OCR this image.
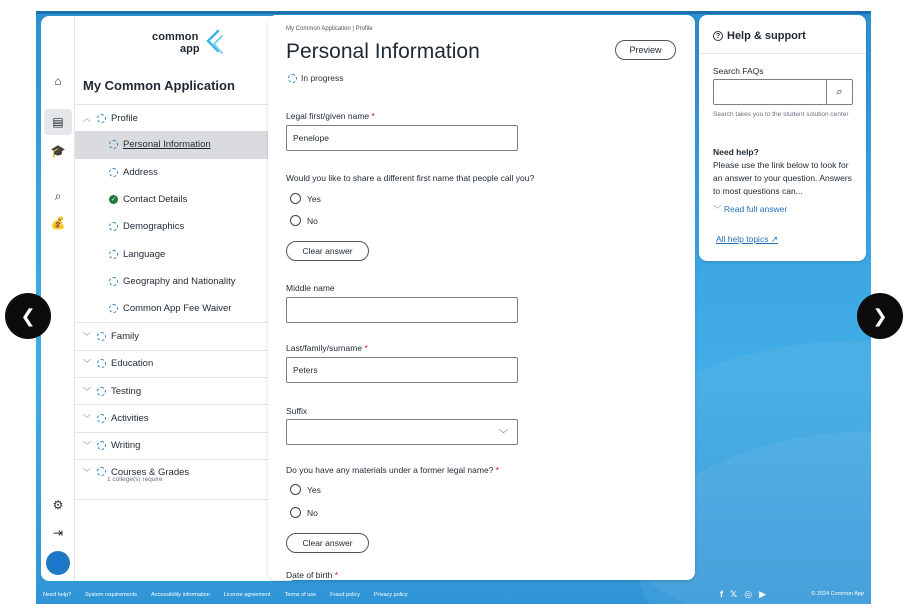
⌂
▤
🎓
⌕
💰
⚙
⇥
👤
common
app
My Common Application
︿ Profile
Personal Information
Address
✓ Contact Details
Demographics
Language
Geography and Nationality
Common App Fee Waiver
﹀ Family
﹀ Education
﹀ Testing
﹀ Activities
﹀ Writing
﹀ Courses & Grades
1 college(s) require
My Common Application | Profile
Personal Information	Preview
In progress
Legal first/given name *
Penelope
Would you like to share a different first name that people call you?
Yes
No
Clear answer
Middle name
Last/family/surname *
Peters
Suffix
﹀
Do you have any materials under a former legal name? *
Yes
No
Clear answer
Date of birth *
? Help & support
Search FAQs
⌕
Search takes you to the student solution center
Need help?
Please use the link below to look for an answer to your question. Answers to most questions can...
﹀ Read full answer
All help topics ↗
Need help?	System requirements	Accessibility information	License agreement	Terms of use	Fraud policy	Privacy policy	f 𝕏 ◎ ▶	© 2024 Common App
❮	❯
